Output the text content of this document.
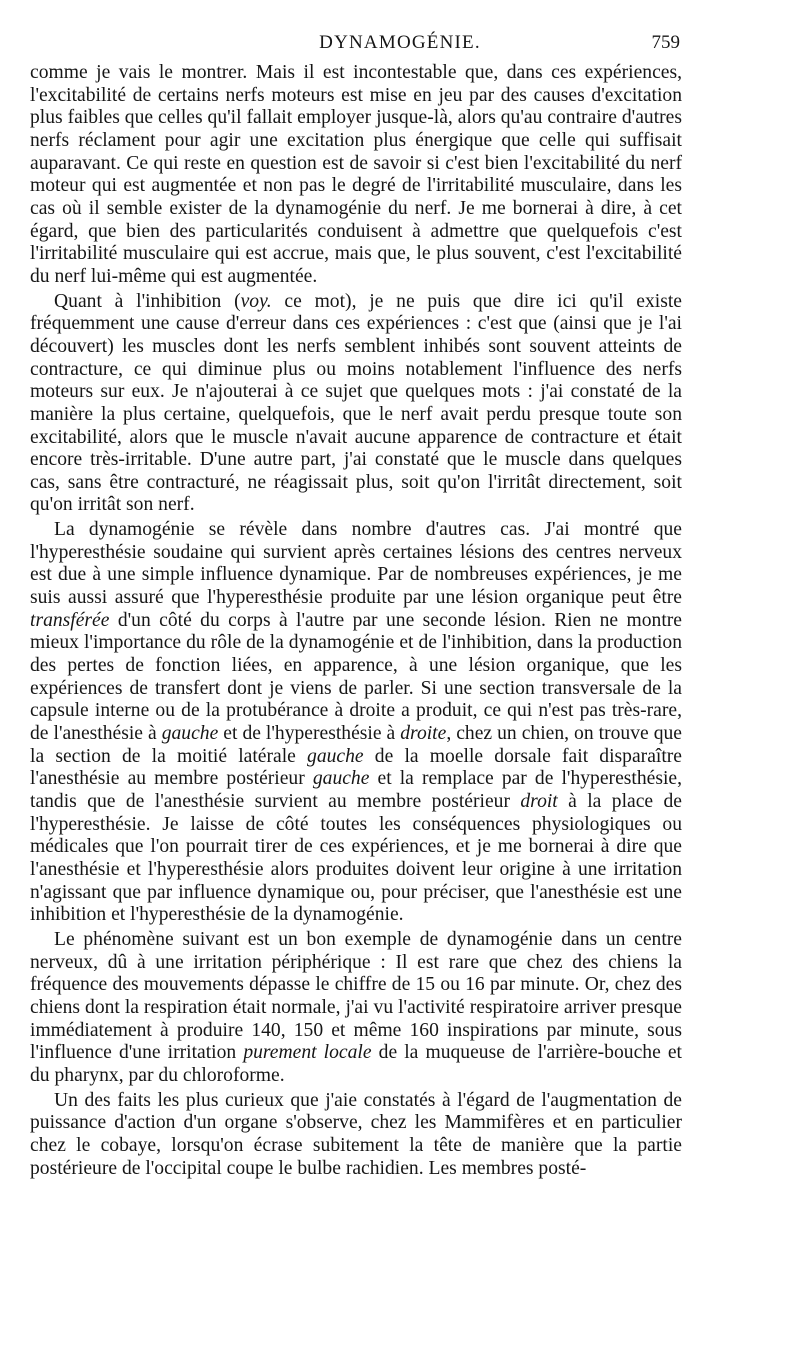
DYNAMOGÉNIE.	759

comme je vais le montrer. Mais il est incontestable que, dans ces expériences, l'excitabilité de certains nerfs moteurs est mise en jeu par des causes d'excitation plus faibles que celles qu'il fallait employer jusque-là, alors qu'au contraire d'autres nerfs réclament pour agir une excitation plus énergique que celle qui suffisait auparavant. Ce qui reste en question est de savoir si c'est bien l'excitabilité du nerf moteur qui est augmentée et non pas le degré de l'irritabilité musculaire, dans les cas où il semble exister de la dynamogénie du nerf. Je me bornerai à dire, à cet égard, que bien des particularités conduisent à admettre que quelquefois c'est l'irritabilité musculaire qui est accrue, mais que, le plus souvent, c'est l'excitabilité du nerf lui-même qui est augmentée.

Quant à l'inhibition (voy. ce mot), je ne puis que dire ici qu'il existe fréquemment une cause d'erreur dans ces expériences : c'est que (ainsi que je l'ai découvert) les muscles dont les nerfs semblent inhibés sont souvent atteints de contracture, ce qui diminue plus ou moins notablement l'influence des nerfs moteurs sur eux. Je n'ajouterai à ce sujet que quelques mots : j'ai constaté de la manière la plus certaine, quelquefois, que le nerf avait perdu presque toute son excitabilité, alors que le muscle n'avait aucune apparence de contracture et était encore très-irritable. D'une autre part, j'ai constaté que le muscle dans quelques cas, sans être contracturé, ne réagissait plus, soit qu'on l'irritât directement, soit qu'on irritât son nerf.

La dynamogénie se révèle dans nombre d'autres cas. J'ai montré que l'hyperesthésie soudaine qui survient après certaines lésions des centres nerveux est due à une simple influence dynamique. Par de nombreuses expériences, je me suis aussi assuré que l'hyperesthésie produite par une lésion organique peut être transférée d'un côté du corps à l'autre par une seconde lésion. Rien ne montre mieux l'importance du rôle de la dynamogénie et de l'inhibition, dans la production des pertes de fonction liées, en apparence, à une lésion organique, que les expériences de transfert dont je viens de parler. Si une section transversale de la capsule interne ou de la protubérance à droite a produit, ce qui n'est pas très-rare, de l'anesthésie à gauche et de l'hyperesthésie à droite, chez un chien, on trouve que la section de la moitié latérale gauche de la moelle dorsale fait disparaître l'anesthésie au membre postérieur gauche et la remplace par de l'hyperesthésie, tandis que de l'anesthésie survient au membre postérieur droit à la place de l'hyperesthésie. Je laisse de côté toutes les conséquences physiologiques ou médicales que l'on pourrait tirer de ces expériences, et je me bornerai à dire que l'anesthésie et l'hyperesthésie alors produites doivent leur origine à une irritation n'agissant que par influence dynamique ou, pour préciser, que l'anesthésie est une inhibition et l'hyperesthésie de la dynamogénie.

Le phénomène suivant est un bon exemple de dynamogénie dans un centre nerveux, dû à une irritation périphérique : Il est rare que chez des chiens la fréquence des mouvements dépasse le chiffre de 15 ou 16 par minute. Or, chez des chiens dont la respiration était normale, j'ai vu l'activité respiratoire arriver presque immédiatement à produire 140, 150 et même 160 inspirations par minute, sous l'influence d'une irritation purement locale de la muqueuse de l'arrière-bouche et du pharynx, par du chloroforme.

Un des faits les plus curieux que j'aie constatés à l'égard de l'augmentation de puissance d'action d'un organe s'observe, chez les Mammifères et en particulier chez le cobaye, lorsqu'on écrase subitement la tête de manière que la partie postérieure de l'occipital coupe le bulbe rachidien. Les membres posté-
